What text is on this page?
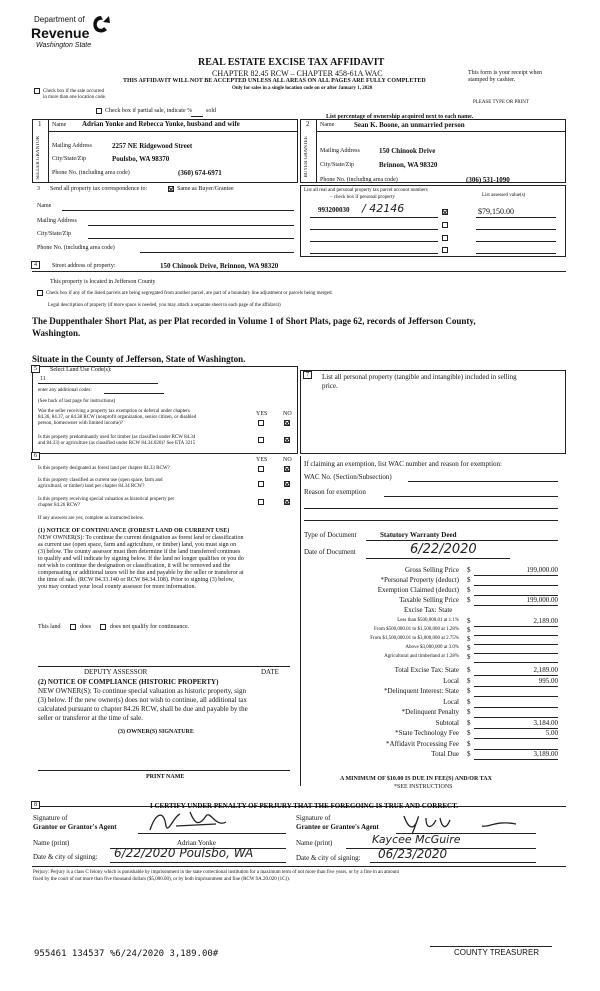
Department of
Revenue
Washington State
REAL ESTATE EXCISE TAX AFFIDAVIT
CHAPTER 82.45 RCW – CHAPTER 458-61A WAC
THIS AFFIDAVIT WILL NOT BE ACCEPTED UNLESS ALL AREAS ON ALL PAGES ARE FULLY COMPLETED
Only for sales in a single location code on or after January 1, 2020
This form is your receipt when
stamped by cashier.
PLEASE TYPE OR PRINT
Check box if the sale occurred
in more than one location code.
Check box if partial sale, indicate % sold
List percentage of ownership acquired next to each name.
1
SELLER GRANTOR
Name Adrian Yonke and Rebecca Yonke, husband and wife
Mailing Address	2257 NE Ridgewood Street
City/State/Zip	Poulsbo, WA 98370
Phone No. (including area code)	(360) 674-6971
2
BUYER GRANTEE
Name	Sean K. Boone, an unmarried person
Mailing Address	150 Chinook Drive
City/State/Zip	Brinnon, WA 98320
Phone No. (including area code)	(306) 531-1090
3 Send all property tax correspondence to:	Same as Buyer/Grantee
Name
Mailing Address
City/State/Zip
Phone No. (including area code)
List all real and personal property tax parcel account numbers
– check box if personal property	List assessed value(s)
993200030 / 42146	$79,150.00
4	Street address of property:	150 Chinook Drive, Brinnon, WA 98320
This property is located in Jefferson County
Check box if any of the listed parcels are being segregated from another parcel, are part of a boundary line adjustment or parcels being merged.
Legal description of property (if more space is needed, you may attach a separate sheet to each page of the affidavit)
The Duppenthaler Short Plat, as per Plat recorded in Volume 1 of Short Plats, page 62, records of Jefferson County,
Washington.
Situate in the County of Jefferson, State of Washington.
5	Select Land Use Code(s):
11
enter any additional codes:
(See back of last page for instructions)
YES	NO
Was the seller receiving a property tax exemption or deferral under chapters
84.36, 84.37, or 84.38 RCW (nonprofit organization, senior citizen, or disabled
person, homeowner with limited income)?
Is this property predominantly used for timber (as classified under RCW 84.34
and 84.33) or agriculture (as classified under RCW 84.34.020)? See ETA 3215
7	List all personal property (tangible and intangible) included in selling
price.
6
YES	NO
Is this property designated as forest land per chapter 84.33 RCW?
Is this property classified as current use (open space, farm and
agricultural, or timber) land per chapter 84.34 RCW?
Is this property receiving special valuation as historical property per
chapter 84.26 RCW?
If any answers are yes, complete as instructed below.
(1) NOTICE OF CONTINUANCE (FOREST LAND OR CURRENT USE)
NEW OWNER(S): To continue the current designation as forest land or classification
as current use (open space, farm and agriculture, or timber) land, you must sign on
(3) below. The county assessor must then determine if the land transferred continues
to qualify and will indicate by signing below. If the land no longer qualifies or you do
not wish to continue the designation or classification, it will be removed and the
compensating or additional taxes will be due and payable by the seller or transferor at
the time of sale. (RCW 84.33.140 or RCW 84.34.108). Prior to signing (3) below,
you may contact your local county assessor for more information.
This land	does	does not qualify for continuance.
DEPUTY ASSESSOR	DATE
(2) NOTICE OF COMPLIANCE (HISTORIC PROPERTY)
NEW OWNER(S): To continue special valuation as historic property, sign
(3) below. If the new owner(s) does not wish to continue, all additional tax
calculated pursuant to chapter 84.26 RCW, shall be due and payable by the
seller or transferor at the time of sale.
(3) OWNER(S) SIGNATURE
PRINT NAME
If claiming an exemption, list WAC number and reason for exemption:
WAC No. (Section/Subsection)
Reason for exemption
Type of Document	Statutory Warranty Deed
Date of Document	6/22/2020
Gross Selling Price $	199,000.00
*Personal Property (deduct) $
Exemption Claimed (deduct) $
Taxable Selling Price $	199,000.00
Excise Tax: State
Less than $500,000.01 at 1.1% $	2,189.00
From $500,000.01 to $1,500,000 at 1.28% $
From $1,500,000.01 to $3,000,000 at 2.75% $
Above $3,000,000 at 3.0% $
Agricultural and timberland at 1.28% $
Total Excise Tax: State $	2,189.00
Local $	995.00
*Delinquent Interest: State $
Local $
*Delinquent Penalty $
Subtotal $	3,184.00
*State Technology Fee $	5.00
*Affidavit Processing Fee $
Total Due $	3,189.00
A MINIMUM OF $10.00 IS DUE IN FEE(S) AND/OR TAX
*SEE INSTRUCTIONS
8	I CERTIFY UNDER PENALTY OF PERJURY THAT THE FOREGOING IS TRUE AND CORRECT.
Signature of
Grantor or Grantor's Agent
Signature of
Grantee or Grantee's Agent
Name (print)	Adrian Yonke	Name (print)	Kaycee McGuire
Date & city of signing: 6/22/2020 Poulsbo, WA	Date & city of signing: 06/23/2020
Perjury: Perjury is a class C felony which is punishable by imprisonment in the state correctional institution for a maximum term of not more than five years, or by a fine in an amount
fixed by the court of not more than five thousand dollars ($5,000.00), or by both imprisonment and fine (RCW 9A.20.020 (1C)).
955461 134537 %6/24/2020 3,189.00#	COUNTY TREASURER
